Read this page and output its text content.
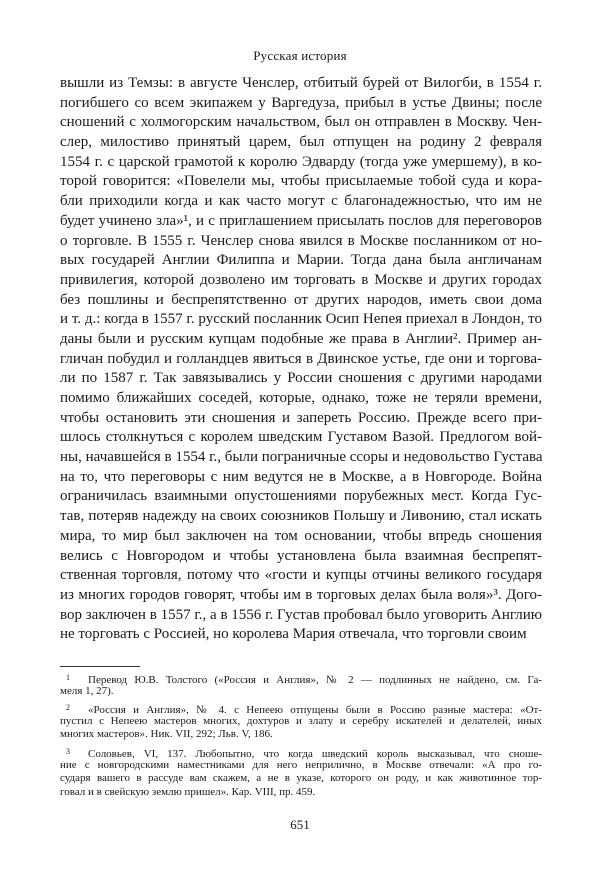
Русская история
вышли из Темзы: в августе Ченслер, отбитый бурей от Вилогби, в 1554 г.
погибшего со всем экипажем у Варгедуза, прибыл в устье Двины; после
сношений с холмогорским начальством, был он отправлен в Москву. Чен-
слер, милостиво принятый царем, был отпущен на родину 2 февраля
1554 г. с царской грамотой к королю Эдварду (тогда уже умершему), в ко-
торой говорится: «Повелели мы, чтобы присылаемые тобой суда и кора-
бли приходили когда и как часто могут с благонадежностью, что им не
будет учинено зла»¹, и с приглашением присылать послов для переговоров
о торговле. В 1555 г. Ченслер снова явился в Москве посланником от но-
вых государей Англии Филиппа и Марии. Тогда дана была англичанам
привилегия, которой дозволено им торговать в Москве и других городах
без пошлины и беспрепятственно от других народов, иметь свои дома
и т. д.: когда в 1557 г. русский посланник Осип Непея приехал в Лондон, то
даны были и русским купцам подобные же права в Англии². Пример ан-
гличан побудил и голландцев явиться в Двинское устье, где они и торгова-
ли по 1587 г. Так завязывались у России сношения с другими народами
помимо ближайших соседей, которые, однако, тоже не теряли времени,
чтобы остановить эти сношения и запереть Россию. Прежде всего при-
шлось столкнуться с королем шведским Густавом Вазой. Предлогом вой-
ны, начавшейся в 1554 г., были пограничные ссоры и недовольство Густава
на то, что переговоры с ним ведутся не в Москве, а в Новгороде. Война
ограничилась взаимными опустошениями порубежных мест. Когда Гус-
тав, потеряв надежду на своих союзников Польшу и Ливонию, стал искать
мира, то мир был заключен на том основании, чтобы впредь сношения
велись с Новгородом и чтобы установлена была взаимная беспрепят-
ственная торговля, потому что «гости и купцы отчины великого государя
из многих городов говорят, чтобы им в торговых делах была воля»³. Дого-
вор заключен в 1557 г., а в 1556 г. Густав пробовал было уговорить Англию
не торговать с Россией, но королева Мария отвечала, что торговли своим
1 Перевод Ю.В. Толстого («Россия и Англия», № 2 — подлинных не найдено, см. Га-
меля 1, 27).
2 «Россия и Англия», № 4. с Непеею отпущены были в Россию разные мастера: «От-
пустил с Непеею мастеров многих, дохтуров и злату и серебру искателей и делателей, иных
многих мастеров». Ник. VII, 292; Льв. V, 186.
3 Соловьев, VI, 137. Любопытно, что когда шведский король высказывал, что сноше-
ние с новгородскими наместниками для него неприлично, в Москве отвечали: «А про го-
сударя вашего в рассуде вам скажем, а не в указе, которого он роду, и как животинное тор-
говал и в свейскую землю пришел». Кар. VIII, пр. 459.
651
